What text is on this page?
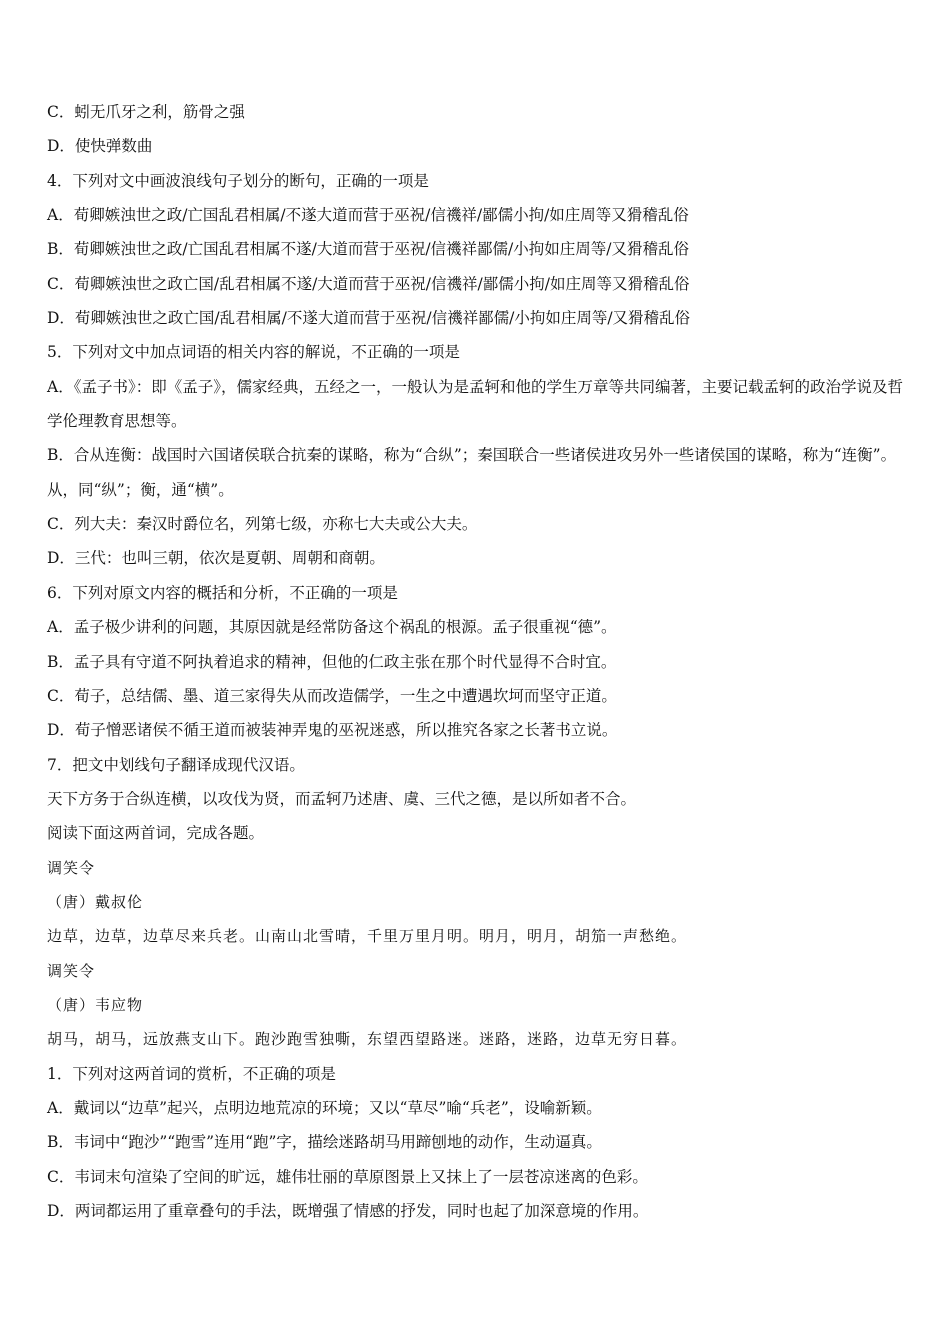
C．蚓无爪牙之利，筋骨之强

D．使快弹数曲

4．下列对文中画波浪线句子划分的断句，正确的一项是

A．荀卿嫉浊世之政/亡国乱君相属/不遂大道而营于巫祝/信禨祥/鄙儒小拘/如庄周等又猾稽乱俗

B．荀卿嫉浊世之政/亡国乱君相属不遂/大道而营于巫祝/信禨祥鄙儒/小拘如庄周等/又猾稽乱俗

C．荀卿嫉浊世之政亡国/乱君相属不遂/大道而营于巫祝/信禨祥/鄙儒小拘/如庄周等又猾稽乱俗

D．荀卿嫉浊世之政亡国/乱君相属/不遂大道而营于巫祝/信禨祥鄙儒/小拘如庄周等/又猾稽乱俗

5．下列对文中加点词语的相关内容的解说，不正确的一项是

A．《孟子书》：即《孟子》，儒家经典，五经之一，一般认为是孟轲和他的学生万章等共同编著，主要记载孟轲的政治学说及哲学伦理教育思想等。

B．合从连衡：战国时六国诸侯联合抗秦的谋略，称为“合纵”；秦国联合一些诸侯进攻另外一些诸侯国的谋略，称为“连衡”。从，同“纵”；衡，通“横”。

C．列大夫：秦汉时爵位名，列第七级，亦称七大夫或公大夫。

D．三代：也叫三朝，依次是夏朝、周朝和商朝。

6．下列对原文内容的概括和分析，不正确的一项是

A．孟子极少讲利的问题，其原因就是经常防备这个祸乱的根源。孟子很重视“德”。

B．孟子具有守道不阿执着追求的精神，但他的仁政主张在那个时代显得不合时宜。

C．荀子，总结儒、墨、道三家得失从而改造儒学，一生之中遭遇坎坷而坚守正道。

D．荀子憎恶诸侯不循王道而被装神弄鬼的巫祝迷惑，所以推究各家之长著书立说。

7．把文中划线句子翻译成现代汉语。

天下方务于合纵连横，以攻伐为贤，而孟轲乃述唐、虞、三代之德，是以所如者不合。

阅读下面这两首词，完成各题。

调笑令

（唐）戴叔伦

边草，边草，边草尽来兵老。山南山北雪晴，千里万里月明。明月，明月，胡笳一声愁绝。

调笑令

（唐）韦应物

胡马，胡马，远放燕支山下。跑沙跑雪独嘶，东望西望路迷。迷路，迷路，边草无穷日暮。

1．下列对这两首词的赏析，不正确的项是

A．戴词以“边草”起兴，点明边地荒凉的环境；又以“草尽”喻“兵老”，设喻新颖。

B．韦词中“跑沙”“跑雪”连用“跑”字，描绘迷路胡马用蹄刨地的动作，生动逼真。

C．韦词末句渲染了空间的旷远，雄伟壮丽的草原图景上又抹上了一层苍凉迷离的色彩。

D．两词都运用了重章叠句的手法，既增强了情感的抒发，同时也起了加深意境的作用。
